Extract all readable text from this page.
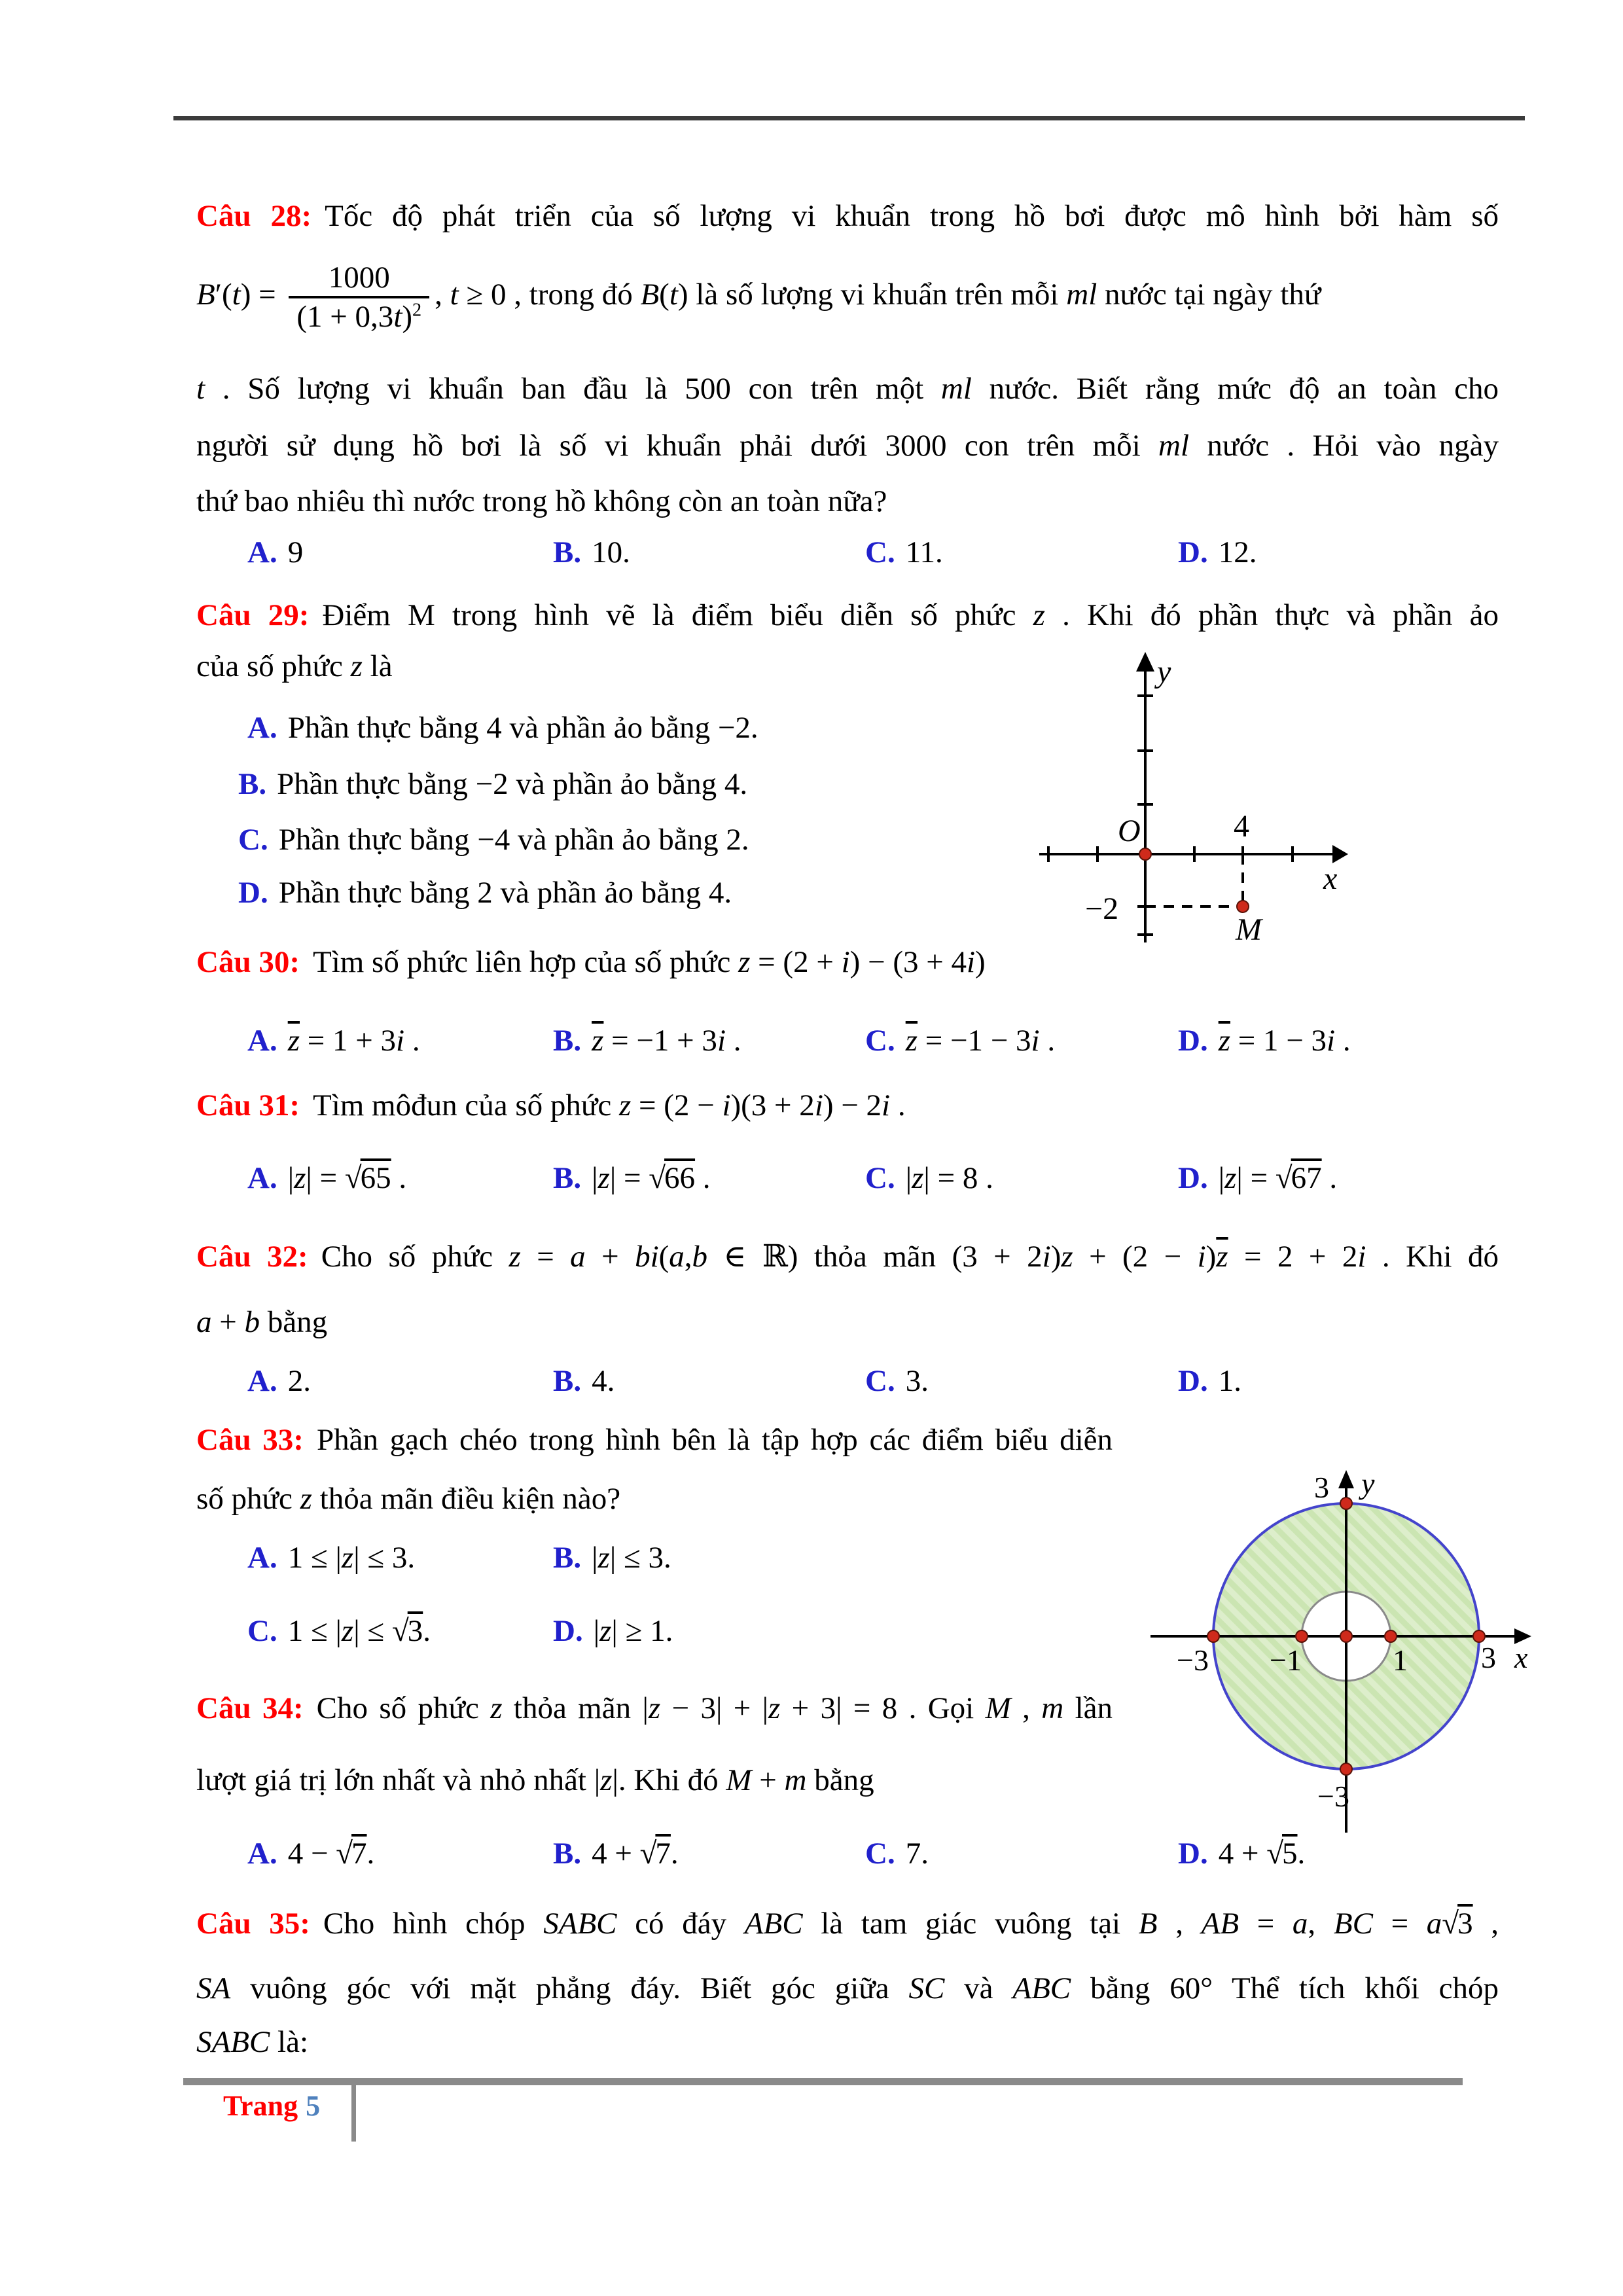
Câu 28: Tốc độ phát triển của số lượng vi khuẩn trong hồ bơi được mô hình bởi hàm số
$B'(t) = \frac{1000}{(1 + 0,3t)^2}$ , t ≥ 0 , trong đó B(t) là số lượng vi khuẩn trên mỗi ml nước tại ngày thứ
t . Số lượng vi khuẩn ban đầu là 500 con trên một ml nước. Biết rằng mức độ an toàn cho
người sử dụng hồ bơi là số vi khuẩn phải dưới 3000 con trên mỗi ml nước . Hỏi vào ngày
thứ bao nhiêu thì nước trong hồ không còn an toàn nữa?
A. 9	B. 10.	C. 11.	D. 12.
Câu 29: Điểm M trong hình vẽ là điểm biểu diễn số phức z . Khi đó phần thực và phần ảo
của số phức z là
A. Phần thực bằng 4 và phần ảo bằng −2.
B. Phần thực bằng −2 và phần ảo bằng 4.
C. Phần thực bằng −4 và phần ảo bằng 2.
D. Phần thực bằng 2 và phần ảo bằng 4.
O	4
−2
M
y
x
Câu 30: Tìm số phức liên hợp của số phức z = (2 + i) − (3 + 4i)
A. $\overline{z} = 1 + 3i$ .	B. $\overline{z} = -1 + 3i$ .	C. $\overline{z} = -1 - 3i$ .	D. $\overline{z} = 1 - 3i$ .
Câu 31: Tìm môđun của số phức z = (2 − i)(3 + 2i) − 2i .
A. |z| = √65 .	B. |z| = √66 .	C. |z| = 8 .	D. |z| = √67 .
Câu 32: Cho số phức z = a + bi(a,b ∈ ℝ) thỏa mãn $(3 + 2i)z + (2 - i)\overline{z} = 2 + 2i$ . Khi đó
a + b bằng
A. 2.	B. 4.	C. 3.	D. 1.
Câu 33: Phần gạch chéo trong hình bên là tập hợp các điểm biểu diễn
số phức z thỏa mãn điều kiện nào?
A. 1 ≤ |z| ≤ 3.	B. |z| ≤ 3.
C. 1 ≤ |z| ≤ √3.	D. |z| ≥ 1.
3
−3
−3 −1	1 3 x
y
Câu 34: Cho số phức z thỏa mãn |z − 3| + |z + 3| = 8 . Gọi M , m lần
lượt giá trị lớn nhất và nhỏ nhất |z|. Khi đó M + m bằng
A. 4 − √7.	B. 4 + √7.	C. 7.	D. 4 + √5.
Câu 35: Cho hình chóp SABC có đáy ABC là tam giác vuông tại B , AB = a, BC = a√3 ,
SA vuông góc với mặt phẳng đáy. Biết góc giữa SC và ABC bằng 60° Thể tích khối chóp
SABC là:
Trang 5
